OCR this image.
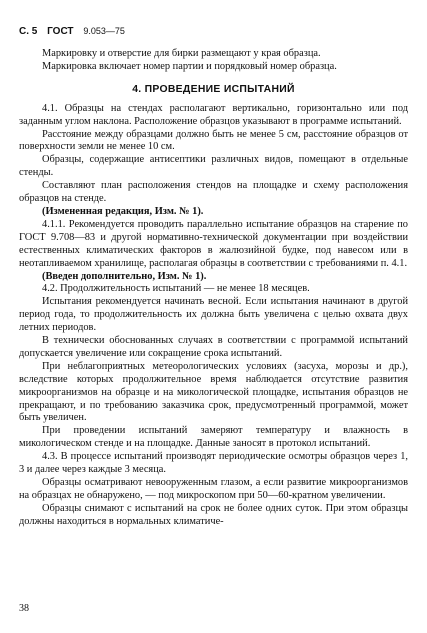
С. 5 ГОСТ 9.053—75

Маркировку и отверстие для бирки размещают у края образца.

Маркировка включает номер партии и порядковый номер образца.

4. ПРОВЕДЕНИЕ ИСПЫТАНИЙ

4.1. Образцы на стендах располагают вертикально, горизонтально или под заданным углом наклона. Расположение образцов указывают в программе испытаний.

Расстояние между образцами должно быть не менее 5 см, расстояние образцов от поверхности земли не менее 10 см.

Образцы, содержащие антисептики различных видов, помещают в отдельные стенды.

Составляют план расположения стендов на площадке и схему расположения образцов на стенде.

(Измененная редакция, Изм. № 1).

4.1.1. Рекомендуется проводить параллельно испытание образцов на старение по ГОСТ 9.708—83 и другой нормативно-технической документации при воздействии естественных климатических факторов в жалюзийной будке, под навесом или в неотапливаемом хранилище, располагая образцы в соответствии с требованиями п. 4.1.

(Введен дополнительно, Изм. № 1).

4.2. Продолжительность испытаний — не менее 18 месяцев.

Испытания рекомендуется начинать весной. Если испытания начинают в другой период года, то продолжительность их должна быть увеличена с целью охвата двух летних периодов.

В технически обоснованных случаях в соответствии с программой испытаний допускается увеличение или сокращение срока испытаний.

При неблагоприятных метеорологических условиях (засуха, морозы и др.), вследствие которых продолжительное время наблюдается отсутствие развития микроорганизмов на образце и на микологической площадке, испытания образцов не прекращают, и по требованию заказчика срок, предусмотренный программой, может быть увеличен.

При проведении испытаний замеряют температуру и влажность в микологическом стенде и на площадке. Данные заносят в протокол испытаний.

4.3. В процессе испытаний производят периодические осмотры образцов через 1, 3 и далее через каждые 3 месяца.

Образцы осматривают невооруженным глазом, а если развитие микроорганизмов на образцах не обнаружено, — под микроскопом при 50—60-кратном увеличении.

Образцы снимают с испытаний на срок не более одних суток. При этом образцы должны находиться в нормальных климатиче-

38
